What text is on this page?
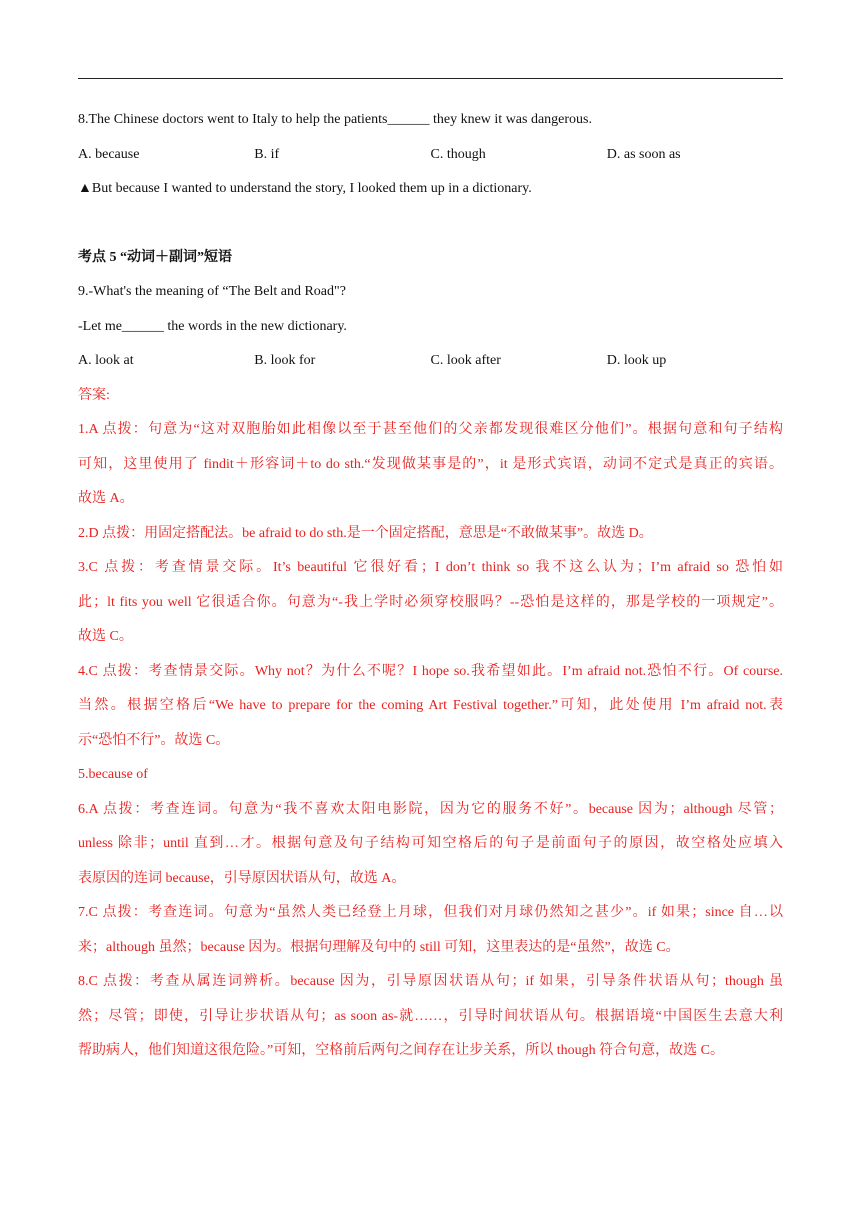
8.The Chinese doctors went to Italy to help the patients______ they knew it was dangerous.
A. because	B. if	C. though	D. as soon as
▲But because I wanted to understand the story, I looked them up in a dictionary.
考点 5 “动词＋副词”短语
9.-What's the meaning of “The Belt and Road"?
-Let me______ the words in the new dictionary.
A. look at	B. look for	C. look after	D. look up
答案:
1.A 点拨：句意为“这对双胞胎如此相像以至于甚至他们的父亲都发现很难区分他们”。根据句意和句子结构
可知，这里使用了 findit＋形容词＋to do sth.“发现做某事是的”，it 是形式宾语，动词不定式是真正的宾语。
故选 A。
2.D 点拨：用固定搭配法。be afraid to do sth.是一个固定搭配，意思是“不敢做某事”。故选 D。
3.C 点拨：考查情景交际。It’s beautiful 它很好看；I don’t think so 我不这么认为；I’m afraid so 恐怕如
此；lt fits you well 它很适合你。句意为“-我上学时必须穿校服吗？--恐怕是这样的，那是学校的一项规定”。
故选 C。
4.C 点拨：考查情景交际。Why not？为什么不呢？I hope so.我希望如此。I’m afraid not.恐怕不行。Of course.
当然。根据空格后“We have to prepare for the coming Art Festival together.”可知，此处使用 I’m afraid not.表
示“恐怕不行”。故选 C。
5.because of
6.A 点拨：考查连词。句意为“我不喜欢太阳电影院，因为它的服务不好”。because 因为；although 尽管；
unless 除非；until 直到…才。根据句意及句子结构可知空格后的句子是前面句子的原因，故空格处应填入
表原因的连词 because，引导原因状语从句，故选 A。
7.C 点拨：考查连词。句意为“虽然人类已经登上月球，但我们对月球仍然知之甚少”。if 如果；since 自…以
来；although 虽然；because 因为。根据句理解及句中的 still 可知，这里表达的是“虽然”，故选 C。
8.C 点拨：考查从属连词辨析。because 因为，引导原因状语从句；if 如果，引导条件状语从句；though 虽
然；尽管；即使，引导让步状语从句；as soon as-就……，引导时间状语从句。根据语境“中国医生去意大利
帮助病人，他们知道这很危险。”可知，空格前后两句之间存在让步关系，所以 though 符合句意，故选 C。
